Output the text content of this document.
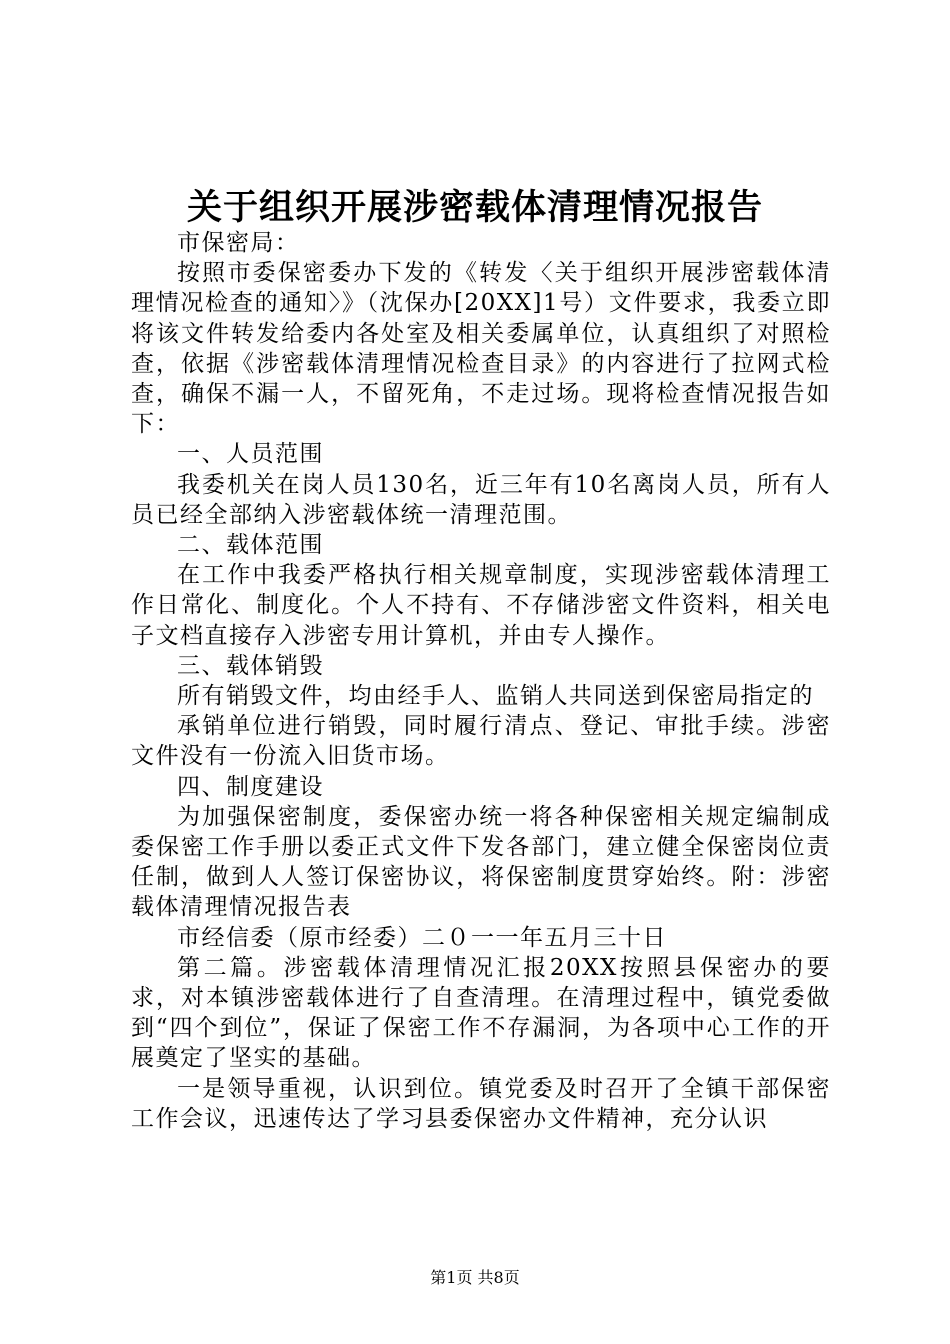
关于组织开展涉密载体清理情况报告

市保密局：

按照市委保密委办下发的《转发〈关于组织开展涉密载体清理情况检查的通知〉》（沈保办[20XX]1号）文件要求，我委立即将该文件转发给委内各处室及相关委属单位，认真组织了对照检查，依据《涉密载体清理情况检查目录》的内容进行了拉网式检查，确保不漏一人，不留死角，不走过场。现将检查情况报告如下：

一、人员范围

我委机关在岗人员130名，近三年有10名离岗人员，所有人员已经全部纳入涉密载体统一清理范围。

二、载体范围

在工作中我委严格执行相关规章制度，实现涉密载体清理工作日常化、制度化。个人不持有、不存储涉密文件资料，相关电子文档直接存入涉密专用计算机，并由专人操作。

三、载体销毁

所有销毁文件，均由经手人、监销人共同送到保密局指定的

承销单位进行销毁，同时履行清点、登记、审批手续。涉密文件没有一份流入旧货市场。

四、制度建设

为加强保密制度，委保密办统一将各种保密相关规定编制成委保密工作手册以委正式文件下发各部门，建立健全保密岗位责任制，做到人人签订保密协议，将保密制度贯穿始终。附：涉密载体清理情况报告表

市经信委（原市经委）二０一一年五月三十日

第二篇。涉密载体清理情况汇报20XX按照县保密办的要求，对本镇涉密载体进行了自查清理。在清理过程中，镇党委做到“四个到位”，保证了保密工作不存漏洞，为各项中心工作的开展奠定了坚实的基础。

一是领导重视，认识到位。镇党委及时召开了全镇干部保密工作会议，迅速传达了学习县委保密办文件精神，充分认识

第1页 共8页
